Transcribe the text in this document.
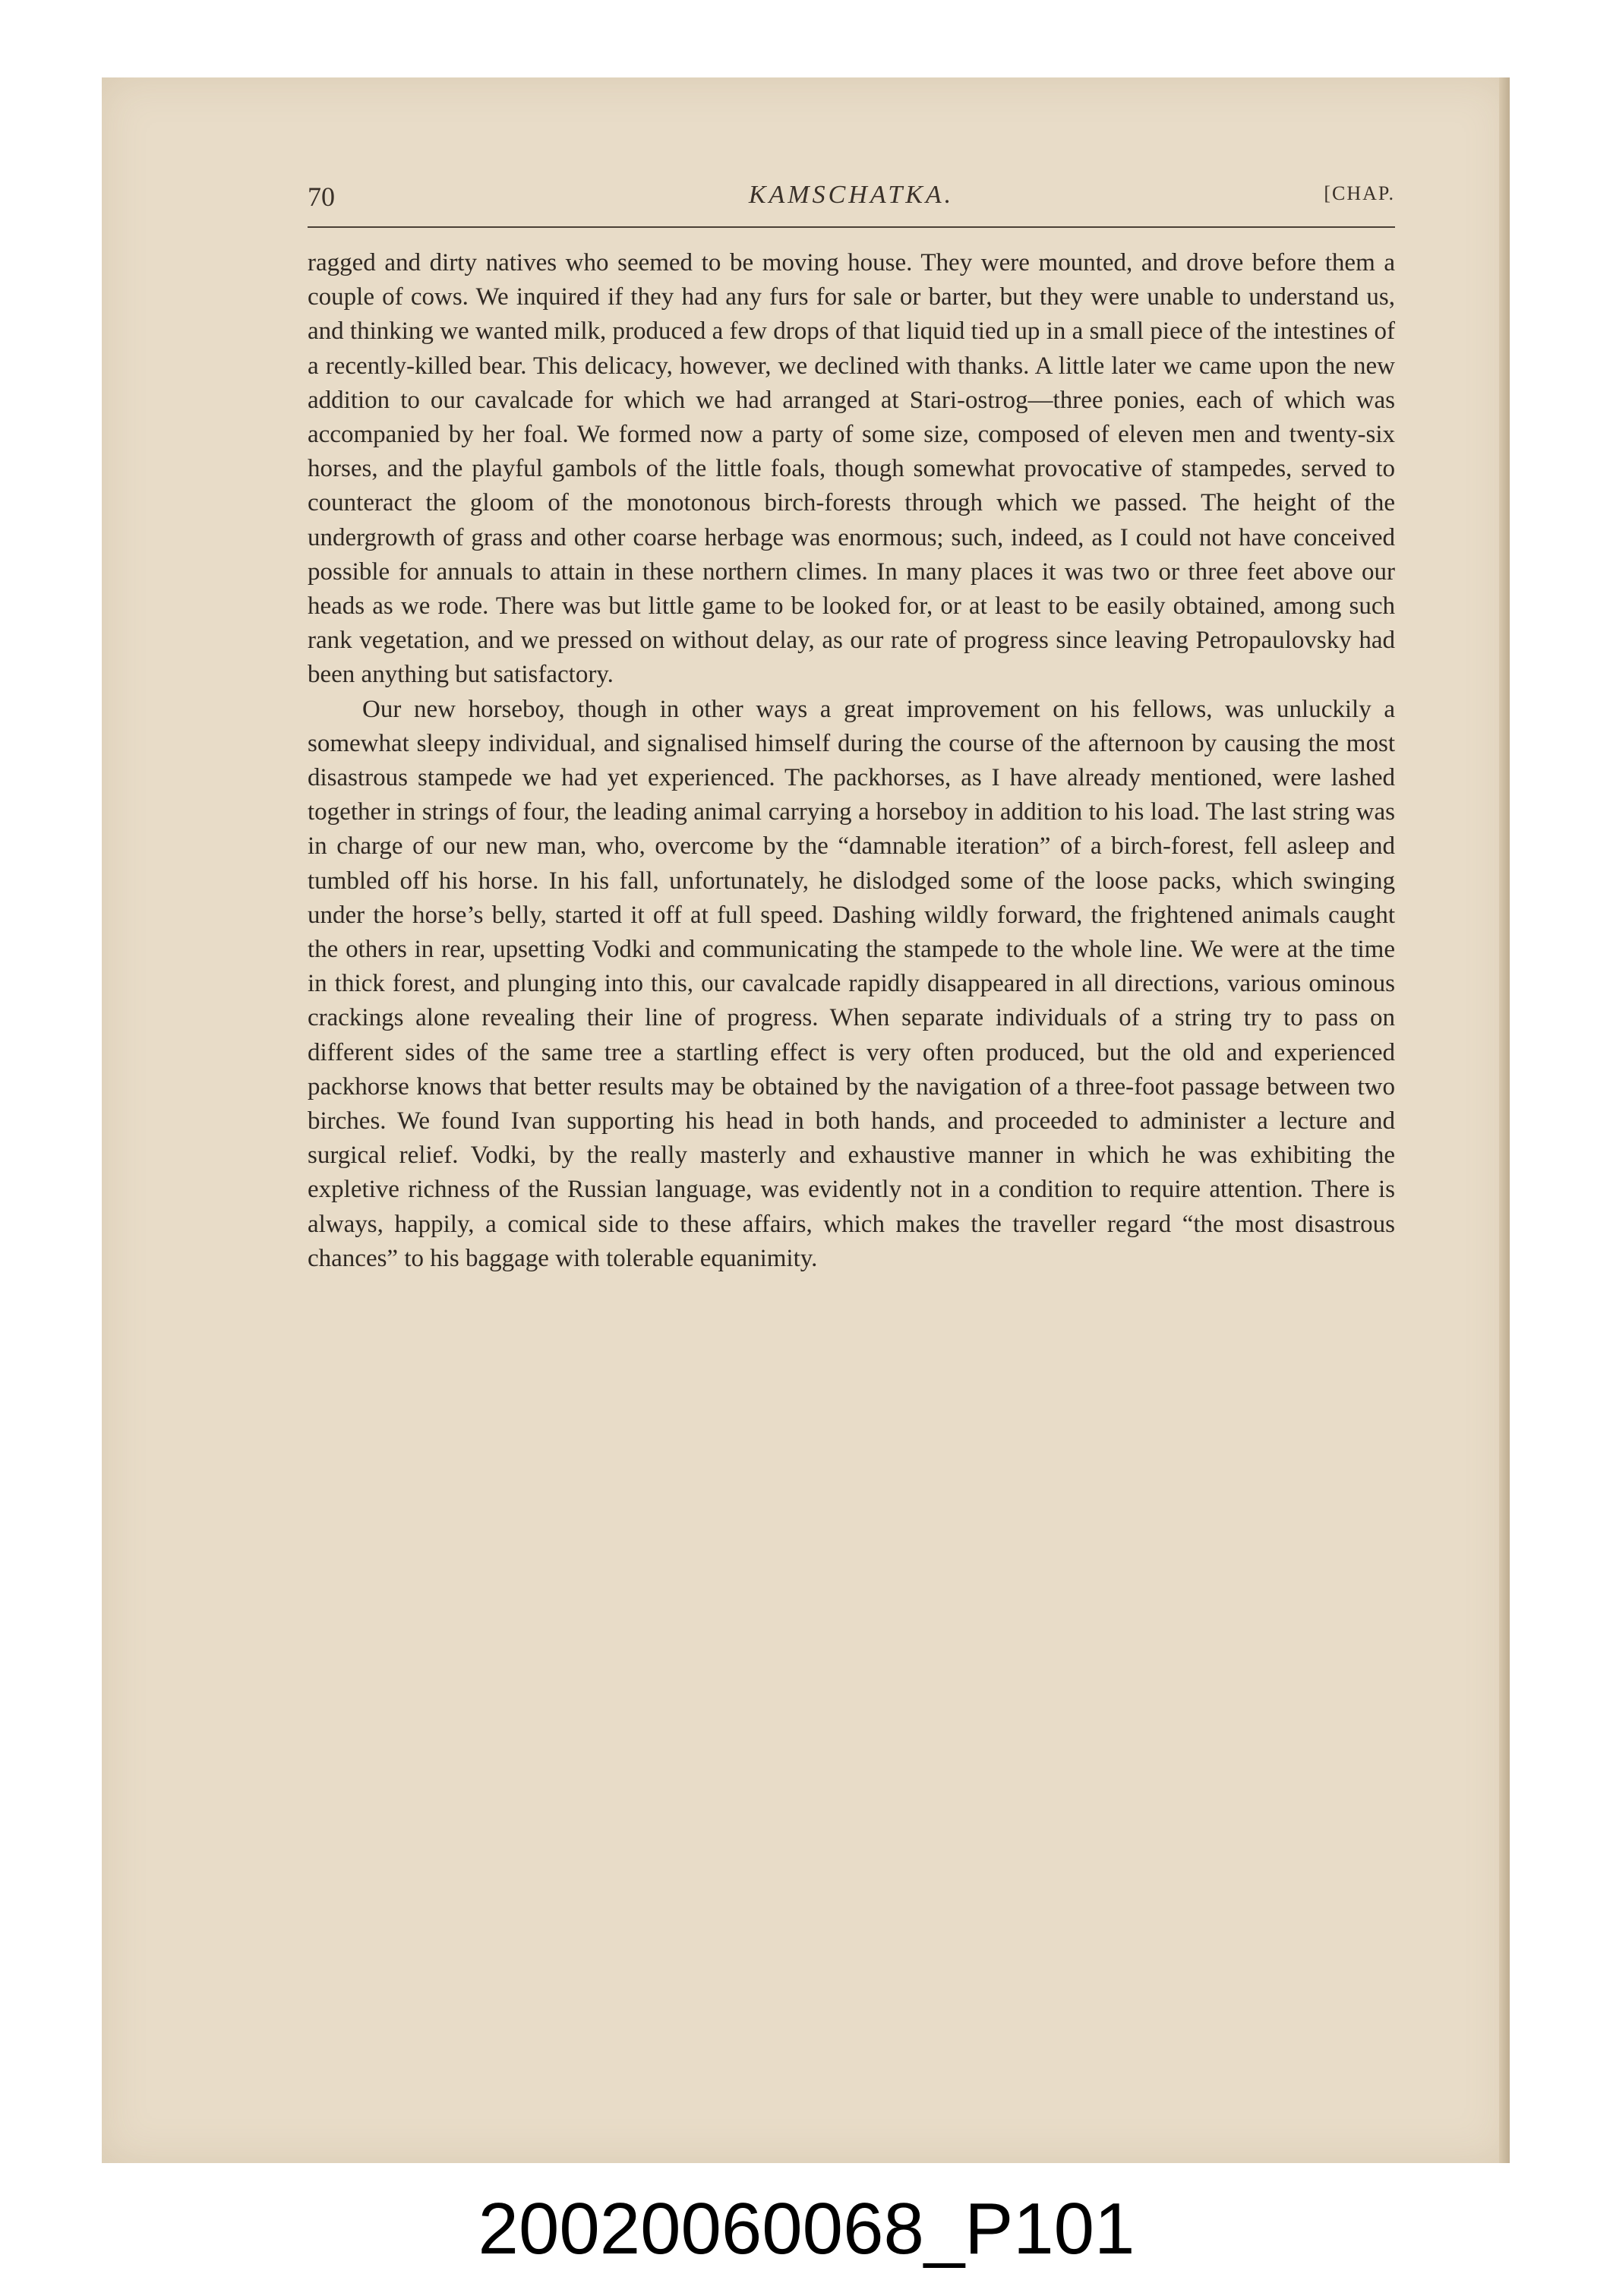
70	KAMSCHATKA.	[CHAP.

ragged and dirty natives who seemed to be moving house. They were mounted, and drove before them a couple of cows. We inquired if they had any furs for sale or barter, but they were unable to understand us, and thinking we wanted milk, produced a few drops of that liquid tied up in a small piece of the intestines of a recently-killed bear. This delicacy, however, we declined with thanks. A little later we came upon the new addition to our cavalcade for which we had arranged at Stari-ostrog—three ponies, each of which was accompanied by her foal. We formed now a party of some size, composed of eleven men and twenty-six horses, and the playful gambols of the little foals, though somewhat provocative of stampedes, served to counteract the gloom of the monotonous birch-forests through which we passed. The height of the undergrowth of grass and other coarse herbage was enormous; such, indeed, as I could not have conceived possible for annuals to attain in these northern climes. In many places it was two or three feet above our heads as we rode. There was but little game to be looked for, or at least to be easily obtained, among such rank vegetation, and we pressed on without delay, as our rate of progress since leaving Petropaulovsky had been anything but satisfactory.

Our new horseboy, though in other ways a great improvement on his fellows, was unluckily a somewhat sleepy individual, and signalised himself during the course of the afternoon by causing the most disastrous stampede we had yet experienced. The packhorses, as I have already mentioned, were lashed together in strings of four, the leading animal carrying a horseboy in addition to his load. The last string was in charge of our new man, who, overcome by the “damnable iteration” of a birch-forest, fell asleep and tumbled off his horse. In his fall, unfortunately, he dislodged some of the loose packs, which swinging under the horse’s belly, started it off at full speed. Dashing wildly forward, the frightened animals caught the others in rear, upsetting Vodki and communicating the stampede to the whole line. We were at the time in thick forest, and plunging into this, our cavalcade rapidly disappeared in all directions, various ominous crackings alone revealing their line of progress. When separate individuals of a string try to pass on different sides of the same tree a startling effect is very often produced, but the old and experienced packhorse knows that better results may be obtained by the navigation of a three-foot passage between two birches. We found Ivan supporting his head in both hands, and proceeded to administer a lecture and surgical relief. Vodki, by the really masterly and exhaustive manner in which he was exhibiting the expletive richness of the Russian language, was evidently not in a condition to require attention. There is always, happily, a comical side to these affairs, which makes the traveller regard “the most disastrous chances” to his baggage with tolerable equanimity.

20020060068_P101
